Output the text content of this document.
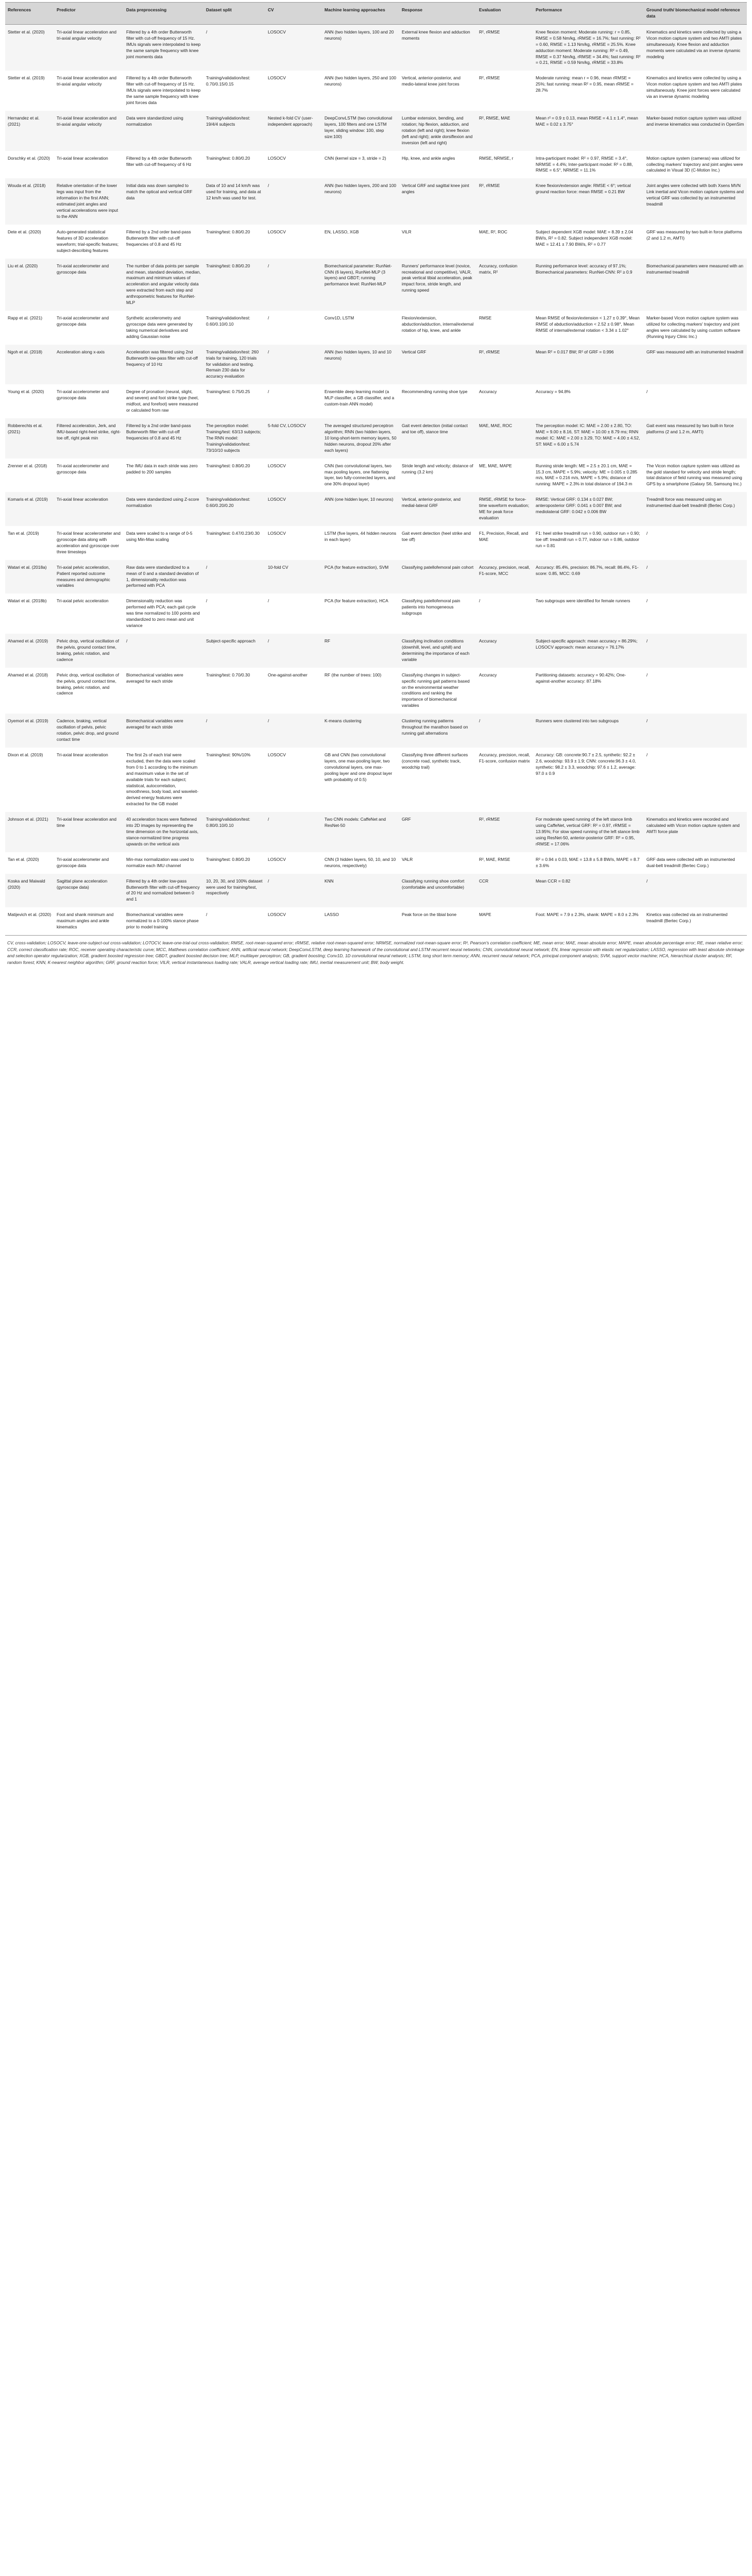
References	Predictor	Data preprocessing	Dataset split	CV	Machine learning approaches	Response	Evaluation	Performance	Ground truth/ biomechanical model reference data
Stetter et al. (2020)	Tri-axial linear acceleration and tri-axial angular velocity	Filtered by a 4th order Butterworth filter with cut-off frequency of 15 Hz. IMUs signals were interpolated to keep the same sample frequency with knee joint moments data	/	LOSOCV	ANN (two hidden layers, 100 and 20 neurons)	External knee flexion and adduction moments	R², rRMSE	Knee flexion moment: Moderate running: r = 0.85, RMSE = 0.58 Nm/kg, rRMSE = 16.7%; fast running: R² = 0.60, RMSE = 1.13 Nm/kg, rRMSE = 25.5%. Knee adduction moment: Moderate running: R² = 0.49, RMSE = 0.37 Nm/kg, rRMSE = 34.4%; fast running: R² = 0.21, RMSE = 0.59 Nm/kg, rRMSE = 33.8%	Kinematics and kinetics were collected by using a Vicon motion capture system and two AMTI plates simultaneously. Knee flexion and adduction moments were calculated via an inverse dynamic modeling
Stetter et al. (2019)	Tri-axial linear acceleration and tri-axial angular velocity	Filtered by a 4th order Butterworth filter with cut-off frequency of 15 Hz. IMUs signals were interpolated to keep the same sample frequency with knee joint forces data	Training/validation/test: 0.70/0.15/0.15	LOSOCV	ANN (two hidden layers, 250 and 100 neurons)	Vertical, anterior-posterior, and medio-lateral knee joint forces	R², rRMSE	Moderate running: mean r = 0.96, mean rRMSE = 25%; fast running: mean R² = 0.95, mean rRMSE = 28.7%	Kinematics and kinetics were collected by using a Vicon motion capture system and two AMTI plates simultaneously. Knee joint forces were calculated via an inverse dynamic modeling
Hernandez et al. (2021)	Tri-axial linear acceleration and tri-axial angular velocity	Data were standardized using normalization	Training/validation/test: 19/4/4 subjects	Nested k-fold CV (user-independent approach)	DeepConvLSTM (two convolutional layers, 100 filters and one LSTM layer, sliding window: 100, step size:100)	Lumbar extension, bending, and rotation; hip flexion, adduction, and rotation (left and right); knee flexion (left and right); ankle dorsiflexion and inversion (left and right)	R², RMSE, MAE	Mean r² = 0.9 ± 0.13, mean RMSE = 4.1 ± 1.4°, mean MAE = 0.02 ± 3.75°	Marker-based motion capture system was utilized and inverse kinematics was conducted in OpenSim
Dorschky et al. (2020)	Tri-axial linear acceleration	Filtered by a 4th order Butterworth filter with cut-off frequency of 6 Hz	Training/test: 0.80/0.20	LOSOCV	CNN (kernel size = 3, stride = 2)	Hip, knee, and ankle angles	RMSE, NRMSE, r	Intra-participant model: R² = 0.97, RMSE = 3.4°, NRMSE = 4.4%; Inter-participant model: R² = 0.88, RMSE = 6.5°, NRMSE = 11.1%	Motion capture system (cameras) was utilized for collecting markers' trajectory and joint angles were calculated in Visual 3D (C-Motion Inc.)
Wouda et al. (2018)	Relative orientation of the lower legs was input from the information in the first ANN; estimated joint angles and vertical accelerations were input to the ANN	Initial data was down sampled to match the optical and vertical GRF data	Data of 10 and 14 km/h was used for training, and data at 12 km/h was used for test.	/	ANN (two hidden layers, 200 and 100 neurons)	Vertical GRF and sagittal knee joint angles	R², rRMSE	Knee flexion/extension angle: RMSE < 6°; vertical ground reaction force: mean RMSE = 0.21 BW	Joint angles were collected with both Xsens MVN Link inertial and Vicon motion capture systems and vertical GRF was collected by an instrumented treadmill
Dete et al. (2020)	Auto-generated statistical features of 3D acceleration waveform; trial-specific features; subject-describing features	Filtered by a 2nd order band-pass Butterworth filter with cut-off frequencies of 0.8 and 45 Hz	Training/test: 0.80/0.20	LOSOCV	EN, LASSO, XGB	VILR	MAE, R², ROC	Subject dependent XGB model: MAE = 8.39 ± 2.04 BW/s, R² = 0.82. Subject independent XGB model: MAE = 12.41 ± 7.90 BW/s, R² = 0.77	GRF was measured by two built-in force platforms (2 and 1.2 m, AMTI)
Liu et al. (2020)	Tri-axial accelerometer and gyroscope data	The number of data points per sample and mean, standard deviation, median, maximum and minimum values of acceleration and angular velocity data were extracted from each step and anthropometric features for RunNet-MLP	Training/test: 0.80/0.20	/	Biomechanical parameter: RunNet-CNN (6 layers), RunNet-MLP (3 layers) and GBDT; running performance level: RunNet-MLP	Runners' performance level (novice, recreational and competitive), VALR, peak vertical tibial acceleration, peak impact force, stride length, and running speed	Accuracy, confusion matrix, R²	Running performance level: accuracy of 97.1%; Biomechanical parameters: RunNet-CNN: R² ≥ 0.9	Biomechanical parameters were measured with an instrumented treadmill
Rapp et al. (2021)	Tri-axial accelerometer and gyroscope data	Synthetic accelerometry and gyroscope data were generated by taking numerical derivatives and adding Gaussian noise	Training/validation/test: 0.60/0.10/0.10	/	Conv1D, LSTM	Flexion/extension, abduction/adduction, internal/external rotation of hip, knee, and ankle	RMSE	Mean RMSE of flexion/extension < 1.27 ± 0.39°, Mean RMSE of abduction/adduction < 2.52 ± 0.98°, Mean RMSE of internal/external rotation < 3.34 ± 1.02°	Marker-based Vicon motion capture system was utilized for collecting markers' trajectory and joint angles were calculated by using custom software (Running Injury Clinic Inc.)
Ngoh et al. (2018)	Acceleration along x-axis	Acceleration was filtered using 2nd Butterworth low-pass filter with cut-off frequency of 10 Hz	Training/validation/test: 260 trials for training, 120 trials for validation and testing. Remain 230 data for accuracy evaluation	/	ANN (two hidden layers, 10 and 10 neurons)	Vertical GRF	R², rRMSE	Mean R² = 0.017 BW; R² of GRF = 0.996	GRF was measured with an instrumented treadmill
Young et al. (2020)	Tri-axial accelerometer and gyroscope data	Degree of pronation (neural, slight, and severe) and foot strike type (heel, midfoot, and forefoot) were measured or calculated from raw	Training/test: 0.75/0.25	/	Ensemble deep learning model (a MLP classifier, a GB classifier, and a custom-train ANN model)	Recommending running shoe type	Accuracy	Accuracy = 94.8%	/
Robberechts et al. (2021)	Filtered acceleration, Jerk, and IMU-based right-heel strike, right-toe off, right peak min	Filtered by a 2nd order band-pass Butterworth filter with cut-off frequencies of 0.8 and 45 Hz	The perception model: Training/test: 63/13 subjects; The RNN model: Training/validation/test: 73/10/10 subjects	5-fold CV, LOSOCV	The averaged structured perceptron algorithm; RNN (two hidden layers, 10 long-short-term memory layers, 50 hidden neurons, dropout 20% after each layers)	Gait event detection (initial contact and toe off), stance time	MAE, MAE, ROC	The perception model: IC: MAE = 2.00 ± 2.80, TO: MAE = 9.00 ± 8.16, ST: MAE = 10.00 ± 8.79 ms; RNN model: IC: MAE = 2.00 ± 3.29, TO: MAE = 4.00 ± 4.52, ST: MAE = 6.00 ± 5.74	Gait event was measured by two built-in force platforms (2 and 1.2 m, AMTI)
Zrenner et al. (2018)	Tri-axial accelerometer and gyroscope data	The IMU data in each stride was zero padded to 200 samples	Training/test: 0.80/0.20	LOSOCV	CNN (two convolutional layers, two max pooling layers, one flattening layer, two fully-connected layers, and one 30% dropout layer)	Stride length and velocity; distance of running (3.2 km)	ME, MAE, MAPE	Running stride length: ME = 2.5 ± 20.1 cm, MAE = 15.3 cm, MAPE = 5.9%; velocity: ME = 0.005 ± 0.285 m/s, MAE = 0.216 m/s, MAPE = 5.9%; distance of running: MAPE = 2.3% in total distance of 194.3 m	The Vicon motion capture system was utilized as the gold standard for velocity and stride length; total distance of field running was measured using GPS by a smartphone (Galaxy S6, Samsung Inc.)
Komaris et al. (2019)	Tri-axial linear acceleration	Data were standardized using Z-score normalization	Training/validation/test: 0.60/0.20/0.20	LOSOCV	ANN (one hidden layer, 10 neurons)	Vertical, anterior-posterior, and medial-lateral GRF	RMSE, rRMSE for force-time waveform evaluation; ME for peak force evaluation	RMSE: Vertical GRF: 0.134 ± 0.027 BW; anteroposterior GRF: 0.041 ± 0.007 BW; and mediolateral GRF: 0.042 ± 0.006 BW	Treadmill force was measured using an instrumented dual-belt treadmill (Bertec Corp.)
Tan et al. (2019)	Tri-axial linear accelerometer and gyroscope data along with acceleration and gyroscope over three timesteps	Data were scaled to a range of 0-5 using Min-Max scaling	Training/test: 0.47/0.23/0.30	LOSOCV	LSTM (five layers, 44 hidden neurons in each layer)	Gait event detection (heel strike and toe off)	F1, Precision, Recall, and MAE	F1: heel strike treadmill run = 0.90, outdoor run = 0.90; toe off: treadmill run = 0.77, indoor run = 0.86, outdoor run = 0.81	/
Watari et al. (2018a)	Tri-axial pelvic acceleration, Patient reported outcome measures and demographic variables	Raw data were standardized to a mean of 0 and a standard deviation of 1, dimensionality reduction was performed with PCA	/	10-fold CV	PCA (for feature extraction), SVM	Classifying patellofemoral pain cohort	Accuracy, precision, recall, F1-score, MCC	Accuracy: 85.4%, precision: 86.7%, recall: 86.4%, F1-score: 0.85, MCC: 0.69	/
Watari et al. (2018b)	Tri-axial pelvic acceleration	Dimensionality reduction was performed with PCA; each gait cycle was time normalized to 100 points and standardized to zero mean and unit variance	/	/	PCA (for feature extraction), HCA	Classifying patellofemoral pain patients into homogeneous subgroups	/	Two subgroups were identified for female runners	/
Ahamed et al. (2019)	Pelvic drop, vertical oscillation of the pelvis, ground contact time, braking, pelvic rotation, and cadence	/	Subject-specific approach	/	RF	Classifying inclination conditions (downhill, level, and uphill) and determining the importance of each variable	Accuracy	Subject-specific approach: mean accuracy = 86.29%; LOSOCV approach: mean accuracy = 76.17%	/
Ahamed et al. (2018)	Pelvic drop, vertical oscillation of the pelvis, ground contact time, braking, pelvic rotation, and cadence	Biomechanical variables were averaged for each stride	Training/test: 0.70/0.30	One-against-another	RF (the number of trees: 100)	Classifying changes in subject-specific running gait patterns based on the environmental weather conditions and ranking the importance of biomechanical variables	Accuracy	Partitioning datasets: accuracy = 90.42%; One-against-another accuracy: 87.18%	/
Oyemori et al. (2019)	Cadence, braking, vertical oscillation of pelvis, pelvic rotation, pelvic drop, and ground contact time	Biomechanical variables were averaged for each stride	/	/	K-means clustering	Clustering running patterns throughout the marathon based on running gait alternations	/	Runners were clustered into two subgroups	/
Dixon et al. (2019)	Tri-axial linear acceleration	The first 2s of each trial were excluded, then the data were scaled from 0 to 1 according to the minimum and maximum value in the set of available trials for each subject; statistical, autocorrelation, smoothness, body load, and waveleit-derived energy features were extracted for the GB model	Training/test: 90%/10%	LOSOCV	GB and CNN (two convolutional layers, one max-pooling layer, two convolutional layers, one max-pooling layer and one dropout layer with probability of 0.5)	Classifying three different surfaces (concrete road, synthetic track, woodchip trail)	Accuracy, precision, recall, F1-score, confusion matrix	Accuracy: GB: concrete:90.7 ± 2.5, synthetic: 92.2 ± 2.6, woodchip: 93.9 ± 1.9; CNN: concrete:96.3 ± 4.0, synthetic: 98.2 ± 3.3, woodchip: 97.6 ± 1.2, average: 97.0 ± 0.9	/
Johnson et al. (2021)	Tri-axial linear acceleration and time	40 acceleration traces were flattened into 2D images by representing the time dimension on the horizontal axis, stance-normalized time progress upwards on the vertical axis	Training/validation/test: 0.80/0.10/0.10	/	Two CNN models: CaffeNet and ResNet-50	GRF	R², rRMSE	For moderate speed running of the left stance limb using CaffeNet, vertical GRF: R² = 0.97, rRMSE = 13.95%; For slow speed running of the left stance limb using ResNet-50, anterior-posterior GRF: R² = 0.95, rRMSE = 17.06%	Kinematics and kinetics were recorded and calculated with Vicon motion capture system and AMTI force plate
Tan et al. (2020)	Tri-axial accelerometer and gyroscope data	Min-max normalization was used to normalize each IMU channel	Training/test: 0.80/0.20	LOSOCV	CNN (3 hidden layers, 50, 10, and 10 neurons, respectively)	VALR	R², MAE, RMSE	R² = 0.94 ± 0.03, MAE = 13.8 ± 5.8 BW/s, MAPE = 8.7 ± 3.6%	GRF data were collected with an instrumented dual-belt treadmill (Bertec Corp.)
Koska and Maiwald (2020)	Sagittal plane acceleration (gyroscope data)	Filtered by a 4th order low-pass Butterworth filter with cut-off frequency of 20 Hz and normalized between 0 and 1	10, 20, 30, and 100% dataset were used for training/test, respectively	/	KNN	Classifying running shoe comfort (comfortable and uncomfortable)	CCR	Mean CCR = 0.82	/
Matijevich et al. (2020)	Foot and shank minimum and maximum angles and ankle kinematics	Biomechanical variables were normalized to a 0-100% stance phase prior to model training	/	LOSOCV	LASSO	Peak force on the tibial bone	MAPE	Foot: MAPE = 7.9 ± 2.3%, shank: MAPE = 8.0 ± 2.3%	Kinetics was collected via an instrumented treadmill (Bertec Corp.)
CV, cross-validation; LOSOCV, leave-one-subject-out cross-validation; LOTOCV, leave-one-trial-out cross-validation; RMSE, root-mean-squared error; rRMSE, relative root-mean-squared error; NRMSE, normalized root-mean-square error; R², Pearson's correlation coefficient; ME, mean error; MAE, mean absolute error; MAPE, mean absolute percentage error; RE, mean relative error; CCR, correct classification rate; ROC, receiver operating characteristic curve; MCC, Matthews correlation coefficient; ANN, artificial neural network; DeepConvLSTM, deep learning framework of the convolutional and LSTM recurrent neural networks; CNN, convolutional neural network; EN, linear regression with elastic net regularization; LASSO, regression with least absolute shrinkage and selection operator regularization; XGB, gradient boosted regression tree; GBDT, gradient boosted decision tree; MLP, multilayer perceptron; GB, gradient boosting; Conv1D, 1D convolutional neural network; LSTM, long short term memory; ANN, recurrent neural network; PCA, principal component analysis; SVM, support vector machine; HCA, hierarchical cluster analysis; RF, random forest; KNN, K-nearest neighbor algorithm; GRF, ground reaction force; VILR, vertical instantaneous loading rate; VALR, average vertical loading rate; IMU, inertial measurement unit; BW, body weight.
